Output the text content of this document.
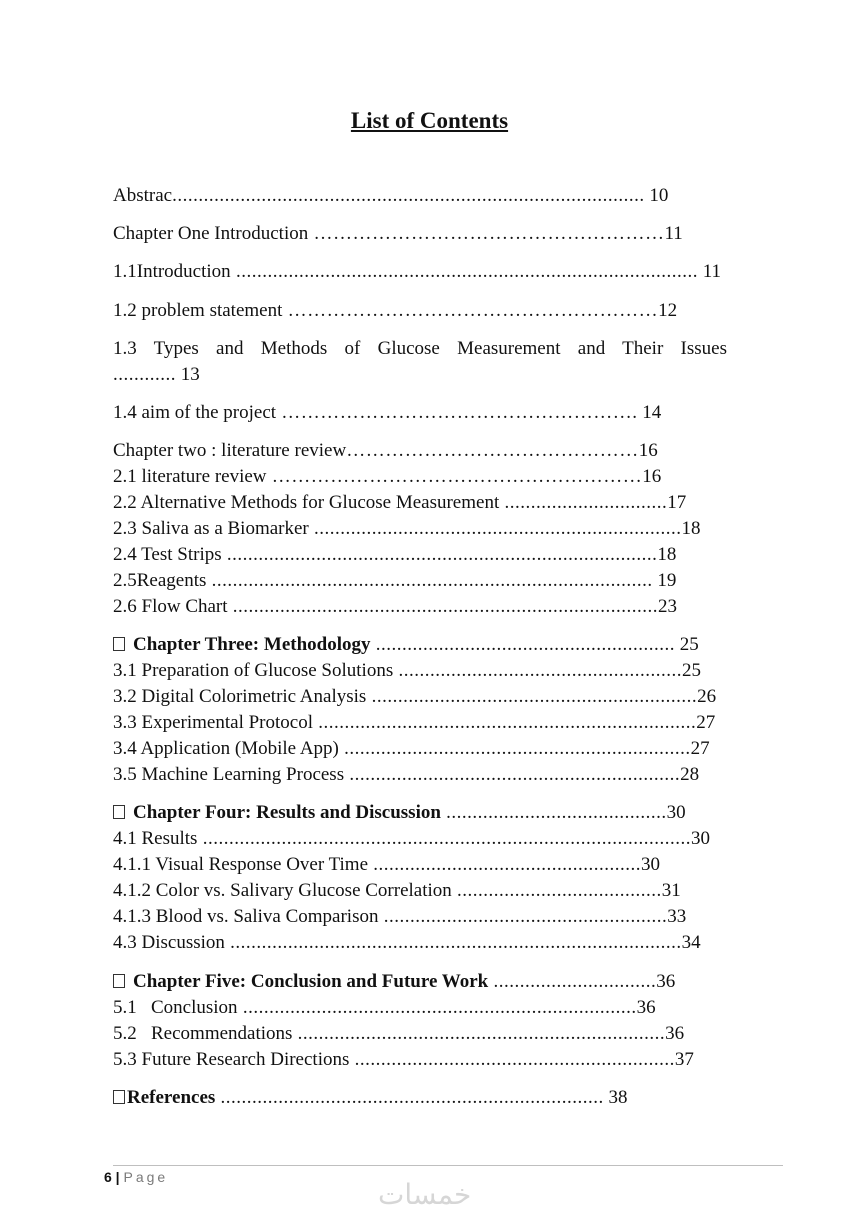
List of Contents
Abstrac.......................................................................................... 10
Chapter One Introduction ………………………………………………11
1.1Introduction ........................................................................................ 11
1.2 problem statement …………………………………………………12
1.3 Types and Methods of Glucose Measurement and Their Issues
............ 13
1.4 aim of the project ………………………………………………. 14
Chapter two : literature review………………………………………16
2.1 literature review …………………………………………………16
2.2 Alternative Methods for Glucose Measurement ...............................17
2.3 Saliva as a Biomarker ......................................................................18
2.4 Test Strips ..................................................................................18
2.5Reagents .................................................................................... 19
2.6 Flow Chart .................................................................................23
Chapter Three: Methodology ......................................................... 25
3.1 Preparation of Glucose Solutions ......................................................25
3.2 Digital Colorimetric Analysis ..............................................................26
3.3 Experimental Protocol ........................................................................27
3.4 Application (Mobile App) ..................................................................27
3.5 Machine Learning Process ...............................................................28
Chapter Four: Results and Discussion ..........................................30
4.1 Results .............................................................................................30
4.1.1 Visual Response Over Time ...................................................30
4.1.2 Color vs. Salivary Glucose Correlation .......................................31
4.1.3 Blood vs. Saliva Comparison ......................................................33
4.3 Discussion ......................................................................................34
Chapter Five: Conclusion and Future Work ...............................36
5.1   Conclusion ...........................................................................36
5.2   Recommendations ......................................................................36
5.3 Future Research Directions .............................................................37
References ......................................................................... 38
6 | Page
خمسات
